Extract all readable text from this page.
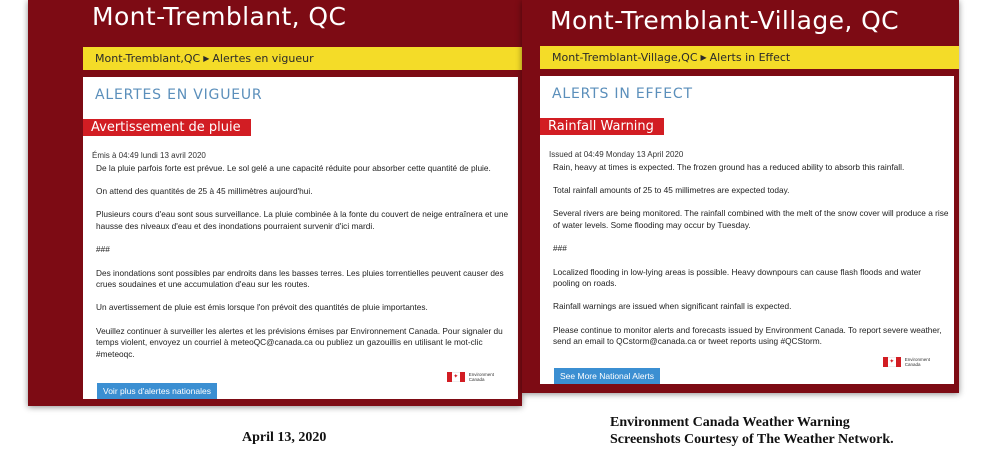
Mont-Tremblant, QC
Mont-Tremblant,QC ▶ Alertes en vigueur
ALERTES EN VIGUEUR
Avertissement de pluie
Émis à 04:49 lundi 13 avril 2020

De la pluie parfois forte est prévue. Le sol gelé a une capacité réduite pour absorber cette quantité de pluie.

On attend des quantités de 25 à 45 millimètres aujourd'hui.

Plusieurs cours d'eau sont sous surveillance. La pluie combinée à la fonte du couvert de neige entraînera et une hausse des niveaux d'eau et des inondations pourraient survenir d'ici mardi.

###

Des inondations sont possibles par endroits dans les basses terres. Les pluies torrentielles peuvent causer des crues soudaines et une accumulation d'eau sur les routes.

Un avertissement de pluie est émis lorsque l'on prévoit des quantités de pluie importantes.

Veuillez continuer à surveiller les alertes et les prévisions émises par Environnement Canada. Pour signaler du temps violent, envoyez un courriel à meteoQC@canada.ca ou publiez un gazouillis en utilisant le mot-clic #meteoqc.

✦	Environment
Canada
Voir plus d'alertes nationales
Mont-Tremblant-Village, QC
Mont-Tremblant-Village,QC ▶ Alerts in Effect
ALERTS IN EFFECT
Rainfall Warning
Issued at 04:49 Monday 13 April 2020

Rain, heavy at times is expected. The frozen ground has a reduced ability to absorb this rainfall.

Total rainfall amounts of 25 to 45 millimetres are expected today.

Several rivers are being monitored. The rainfall combined with the melt of the snow cover will produce a rise of water levels. Some flooding may occur by Tuesday.

###

Localized flooding in low-lying areas is possible. Heavy downpours can cause flash floods and water pooling on roads.

Rainfall warnings are issued when significant rainfall is expected.

Please continue to monitor alerts and forecasts issued by Environment Canada. To report severe weather, send an email to QCstorm@canada.ca or tweet reports using #QCStorm.

✦	Environment
Canada
See More National Alerts
April 13, 2020
Environment Canada Weather Warning
Screenshots Courtesy of The Weather Network.
